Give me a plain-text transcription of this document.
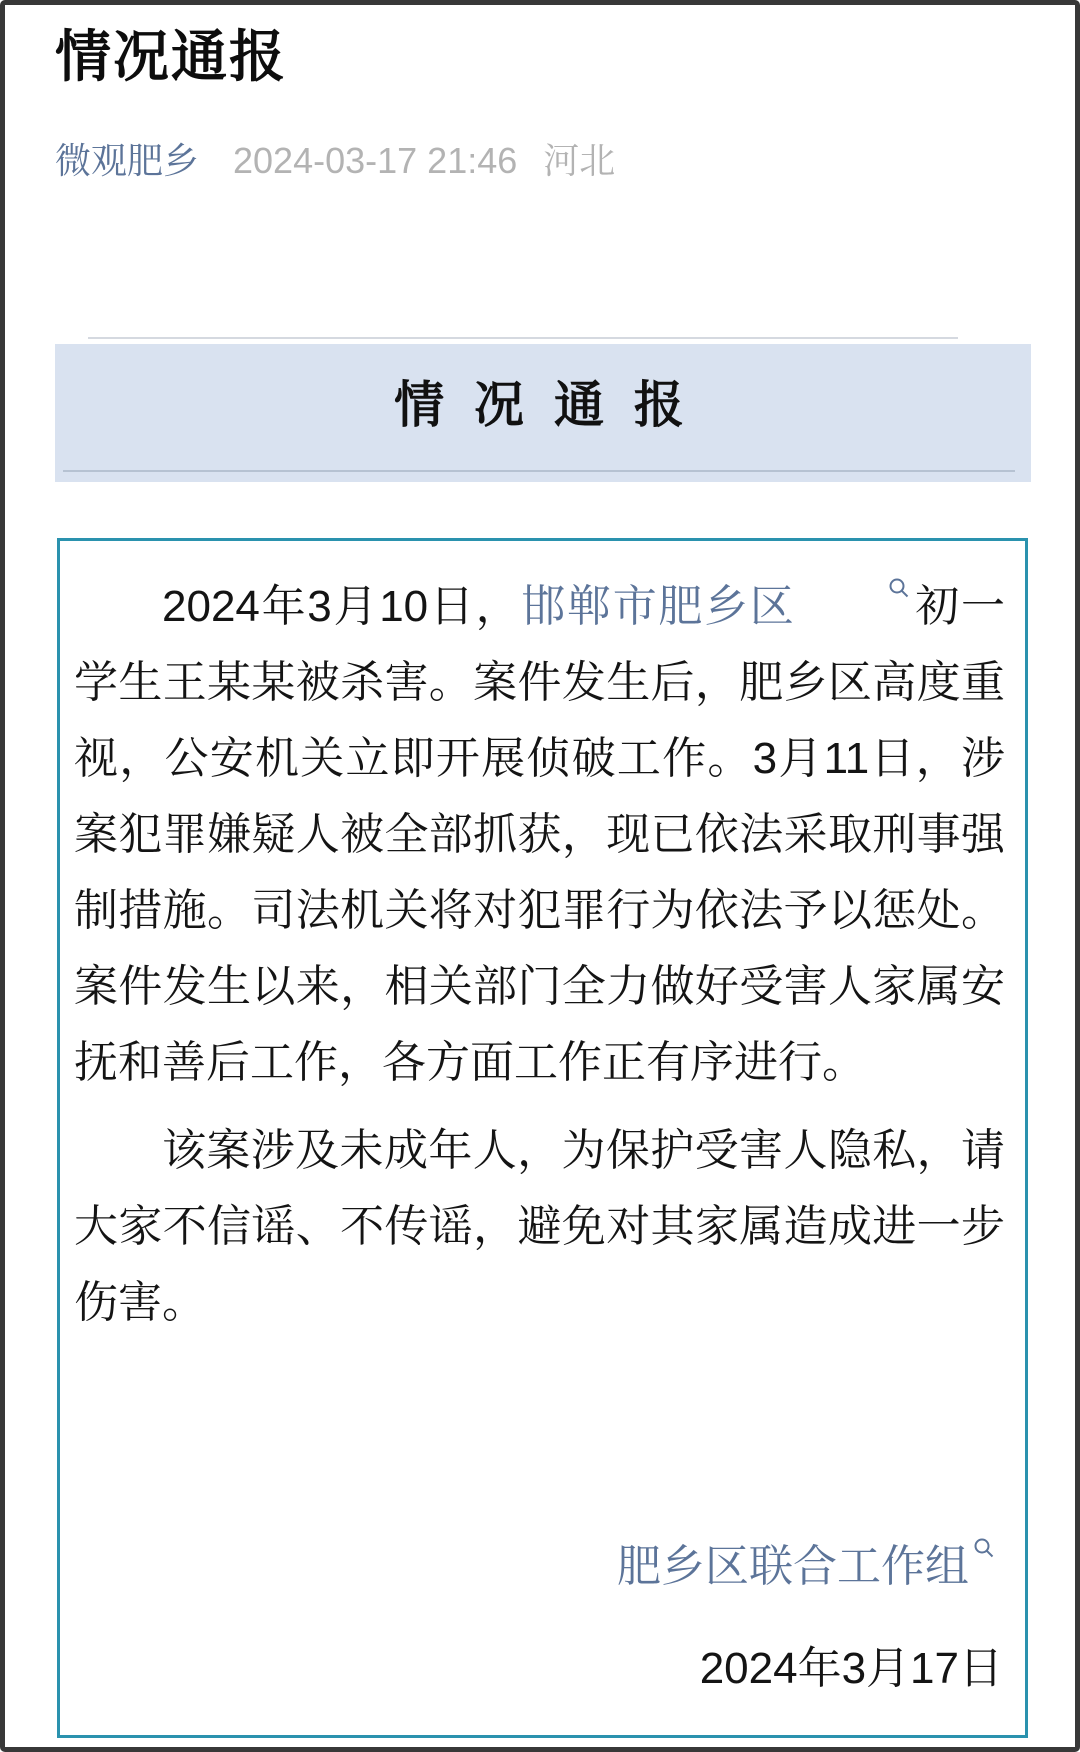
情况通报
微观肥乡 2024-03-17 21:46 河北
情 况 通 报

2024年3月10日，邯郸市肥乡区	初一学生王某某被杀害。案件发生后，肥乡区高度重视，公安机关立即开展侦破工作。3月11日，涉案犯罪嫌疑人被全部抓获，现已依法采取刑事强制措施。司法机关将对犯罪行为依法予以惩处。案件发生以来，相关部门全力做好受害人家属安抚和善后工作，各方面工作正有序进行。

该案涉及未成年人，为保护受害人隐私，请大家不信谣、不传谣，避免对其家属造成进一步伤害。

肥乡区联合工作组

2024年3月17日
